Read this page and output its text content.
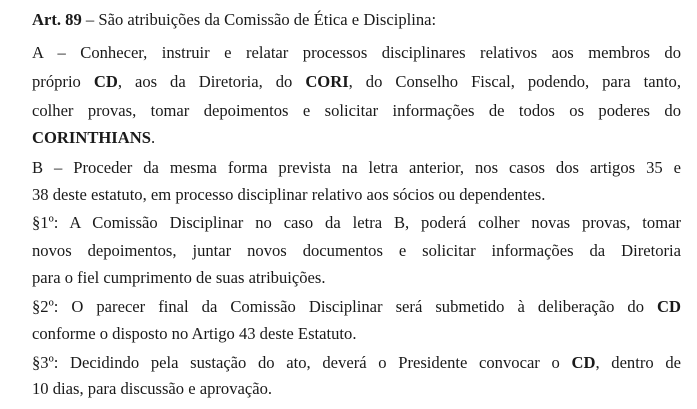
Art. 89 – São atribuições da Comissão de Ética e Disciplina:
A – Conhecer, instruir e relatar processos disciplinares relativos aos membros do
próprio CD, aos da Diretoria, do CORI, do Conselho Fiscal, podendo, para tanto,
colher provas, tomar depoimentos e solicitar informações de todos os poderes do
CORINTHIANS.
B – Proceder da mesma forma prevista na letra anterior, nos casos dos artigos 35 e
38 deste estatuto, em processo disciplinar relativo aos sócios ou dependentes.
§1º: A Comissão Disciplinar no caso da letra B, poderá colher novas provas, tomar
novos depoimentos, juntar novos documentos e solicitar informações da Diretoria
para o fiel cumprimento de suas atribuições.
§2º: O parecer final da Comissão Disciplinar será submetido à deliberação do CD
conforme o disposto no Artigo 43 deste Estatuto.
§3º: Decidindo pela sustação do ato, deverá o Presidente convocar o CD, dentro de
10 dias, para discussão e aprovação.
